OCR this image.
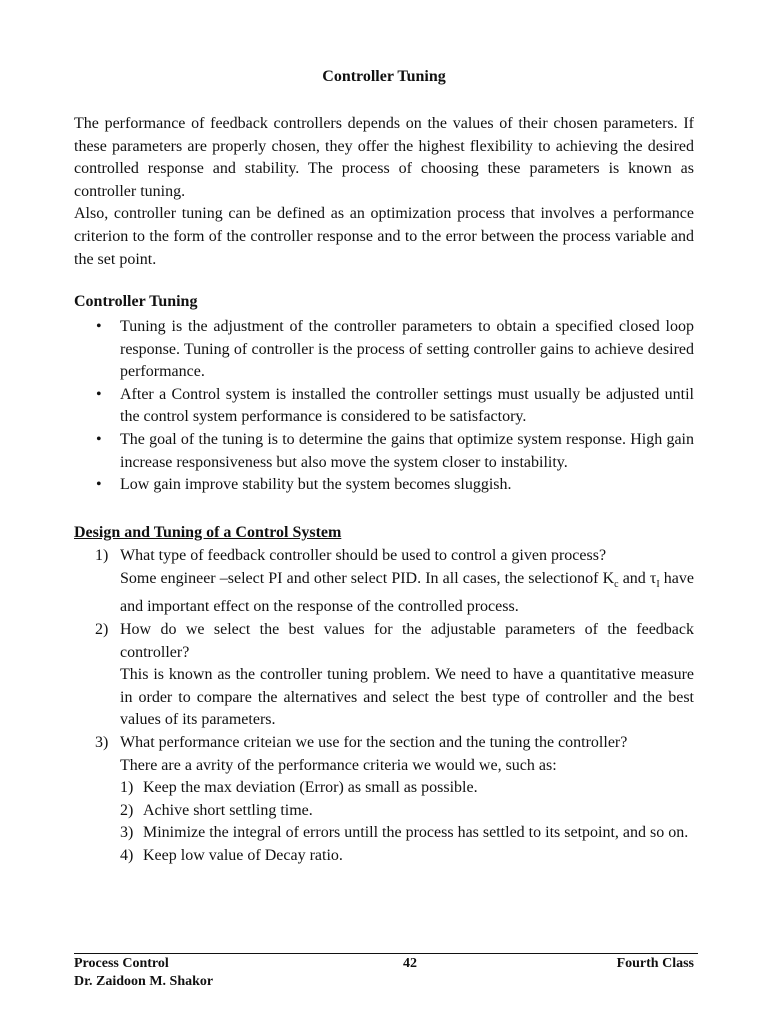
Controller Tuning

The performance of feedback controllers depends on the values of their chosen parameters. If these parameters are properly chosen, they offer the highest flexibility to achieving the desired controlled response and stability. The process of choosing these parameters is known as controller tuning.

Also, controller tuning can be defined as an optimization process that involves a performance criterion to the form of the controller response and to the error between the process variable and the set point.

Controller Tuning
• Tuning is the adjustment of the controller parameters to obtain a specified closed loop response. Tuning of controller is the process of setting controller gains to achieve desired performance.
• After a Control system is installed the controller settings must usually be adjusted until the control system performance is considered to be satisfactory.
• The goal of the tuning is to determine the gains that optimize system response. High gain increase responsiveness but also move the system closer to instability.
• Low gain improve stability but the system becomes sluggish.
Design and Tuning of a Control System
1) What type of feedback controller should be used to control a given process?

Some engineer –select PI and other select PID. In all cases, the selectionof $K_c$ and $\tau_I$ have and important effect on the response of the controlled process.

2) How do we select the best values for the adjustable parameters of the feedback controller?

This is known as the controller tuning problem. We need to have a quantitative measure in order to compare the alternatives and select the best type of controller and the best values of its parameters.

3) What performance criteian we use for the section and the tuning the controller?

There are a avrity of the performance criteria we would we, such as:

1) Keep the max deviation (Error) as small as possible.
2) Achive short settling time.
3) Minimize the integral of errors untill the process has settled to its setpoint, and so on.
4) Keep low value of Decay ratio.
Process Control
Dr. Zaidoon M. Shakor
42	Fourth Class
